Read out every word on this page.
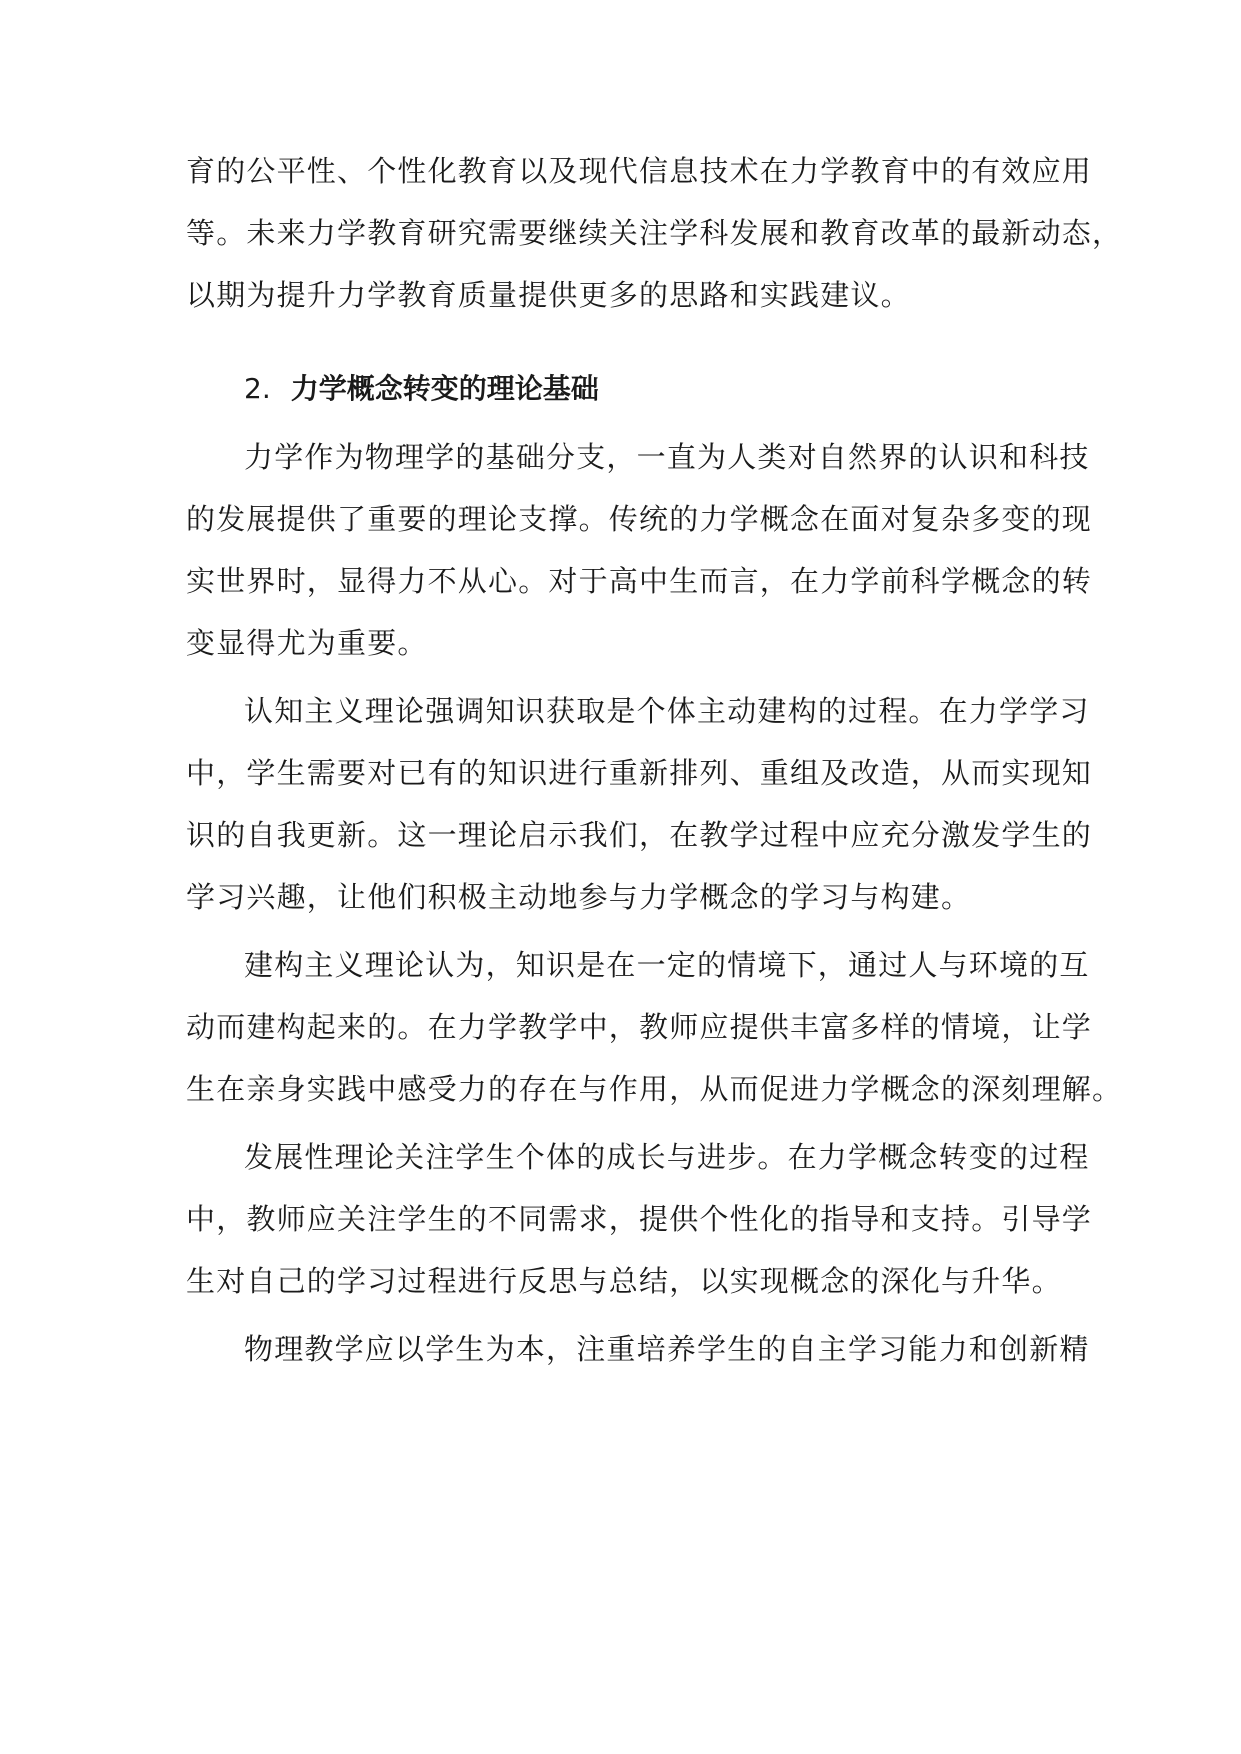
育的公平性、个性化教育以及现代信息技术在力学教育中的有效应用
等。未来力学教育研究需要继续关注学科发展和教育改革的最新动态，
以期为提升力学教育质量提供更多的思路和实践建议。
2. 力学概念转变的理论基础
力学作为物理学的基础分支，一直为人类对自然界的认识和科技
的发展提供了重要的理论支撑。传统的力学概念在面对复杂多变的现
实世界时，显得力不从心。对于高中生而言，在力学前科学概念的转
变显得尤为重要。
认知主义理论强调知识获取是个体主动建构的过程。在力学学习
中，学生需要对已有的知识进行重新排列、重组及改造，从而实现知
识的自我更新。这一理论启示我们，在教学过程中应充分激发学生的
学习兴趣，让他们积极主动地参与力学概念的学习与构建。
建构主义理论认为，知识是在一定的情境下，通过人与环境的互
动而建构起来的。在力学教学中，教师应提供丰富多样的情境，让学
生在亲身实践中感受力的存在与作用，从而促进力学概念的深刻理解。
发展性理论关注学生个体的成长与进步。在力学概念转变的过程
中，教师应关注学生的不同需求，提供个性化的指导和支持。引导学
生对自己的学习过程进行反思与总结，以实现概念的深化与升华。
物理教学应以学生为本，注重培养学生的自主学习能力和创新精
